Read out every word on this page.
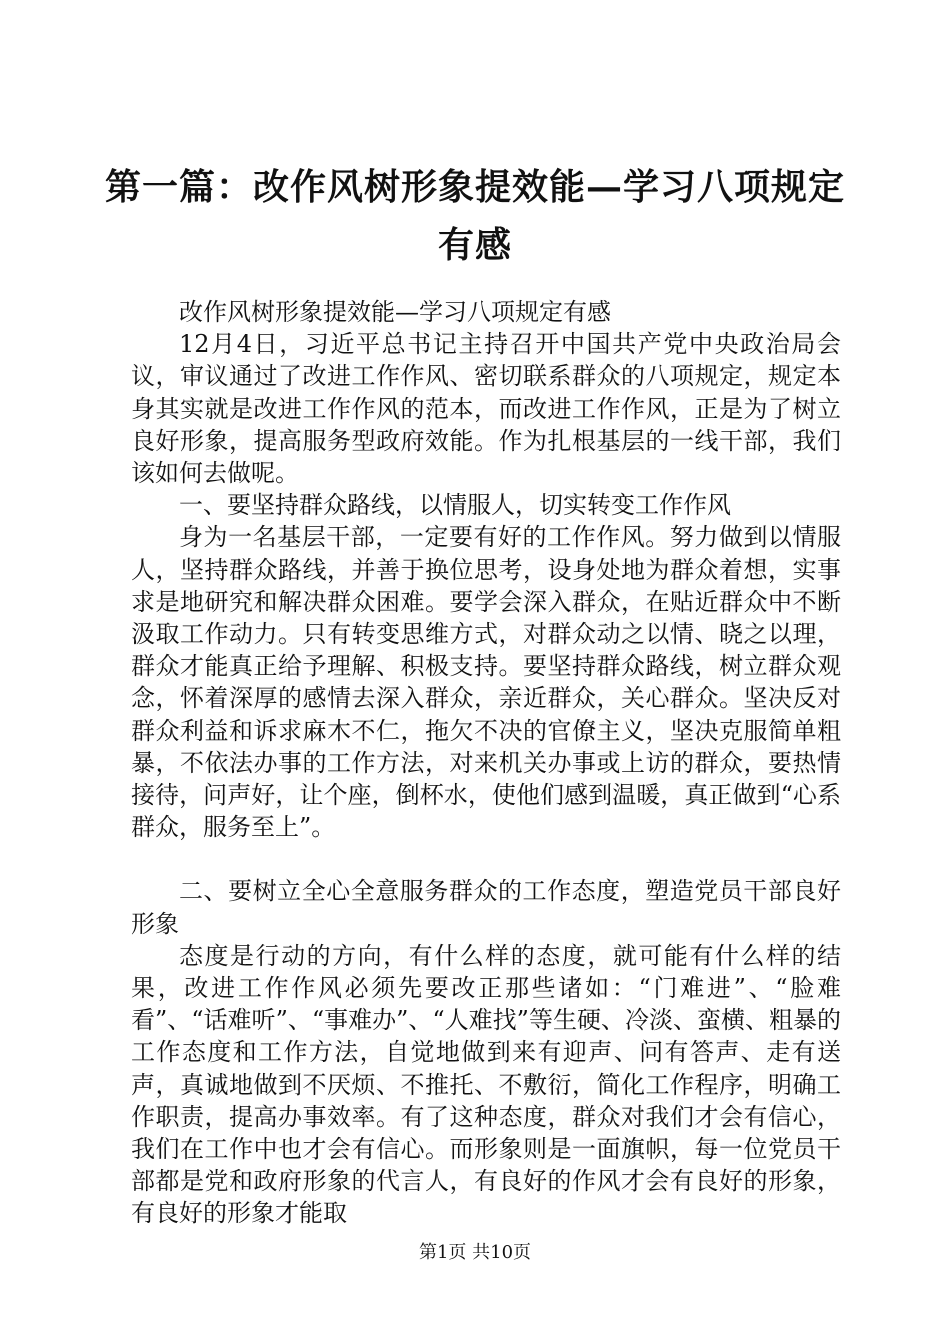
第一篇：改作风树形象提效能—学习八项规定有感

改作风树形象提效能—学习八项规定有感

12月4日，习近平总书记主持召开中国共产党中央政治局会议，审议通过了改进工作作风、密切联系群众的八项规定，规定本身其实就是改进工作作风的范本，而改进工作作风，正是为了树立良好形象，提高服务型政府效能。作为扎根基层的一线干部，我们该如何去做呢。

一、要坚持群众路线，以情服人，切实转变工作作风

身为一名基层干部，一定要有好的工作作风。努力做到以情服人，坚持群众路线，并善于换位思考，设身处地为群众着想，实事求是地研究和解决群众困难。要学会深入群众，在贴近群众中不断汲取工作动力。只有转变思维方式，对群众动之以情、晓之以理，群众才能真正给予理解、积极支持。要坚持群众路线，树立群众观念，怀着深厚的感情去深入群众，亲近群众，关心群众。坚决反对群众利益和诉求麻木不仁，拖欠不决的官僚主义，坚决克服简单粗暴，不依法办事的工作方法，对来机关办事或上访的群众，要热情接待，问声好，让个座，倒杯水，使他们感到温暖，真正做到“心系群众，服务至上”。

二、要树立全心全意服务群众的工作态度，塑造党员干部良好形象

态度是行动的方向，有什么样的态度，就可能有什么样的结果，改进工作作风必须先要改正那些诸如：“门难进”、“脸难看”、“话难听”、“事难办”、“人难找”等生硬、冷淡、蛮横、粗暴的工作态度和工作方法，自觉地做到来有迎声、问有答声、走有送声，真诚地做到不厌烦、不推托、不敷衍，简化工作程序，明确工作职责，提高办事效率。有了这种态度，群众对我们才会有信心，我们在工作中也才会有信心。而形象则是一面旗帜，每一位党员干部都是党和政府形象的代言人，有良好的作风才会有良好的形象，有良好的形象才能取

第1页 共10页
